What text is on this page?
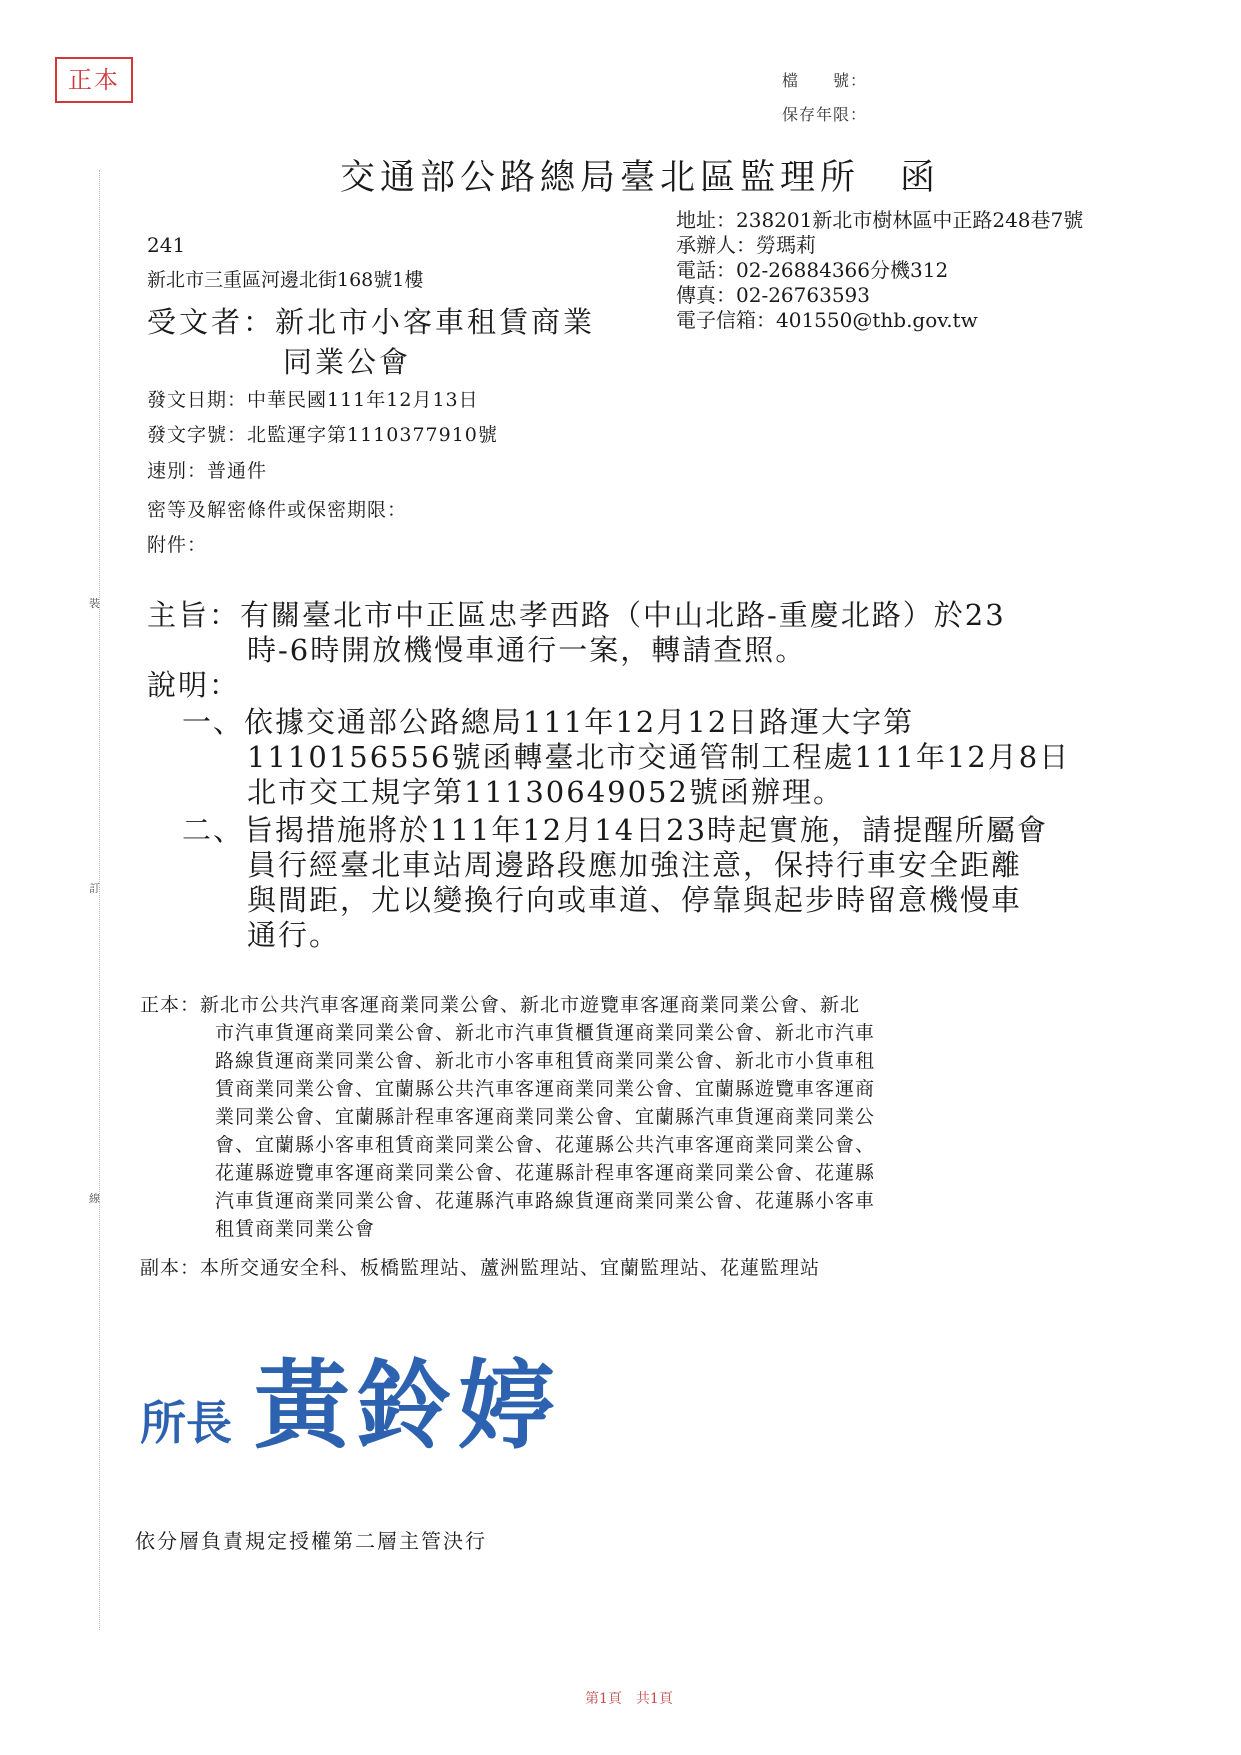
正本	檔　　號：
保存年限：
交通部公路總局臺北區監理所　函
裝
訂
線
地址：238201新北市樹林區中正路248巷7號
承辦人：勞瑪莉
電話：02-26884366分機312
傳真：02-26763593
電子信箱：401550@thb.gov.tw
241
新北市三重區河邊北街168號1樓
受文者：新北市小客車租賃商業
同業公會
發文日期：中華民國111年12月13日
發文字號：北監運字第1110377910號
速別：普通件
密等及解密條件或保密期限：
附件：
主旨：有關臺北市中正區忠孝西路（中山北路-重慶北路）於23
時-6時開放機慢車通行一案，轉請查照。
說明：
一、依據交通部公路總局111年12月12日路運大字第
1110156556號函轉臺北市交通管制工程處111年12月8日
北市交工規字第11130649052號函辦理。
二、旨揭措施將於111年12月14日23時起實施，請提醒所屬會
員行經臺北車站周邊路段應加強注意，保持行車安全距離
與間距，尤以變換行向或車道、停靠與起步時留意機慢車
通行。
正本：新北市公共汽車客運商業同業公會、新北市遊覽車客運商業同業公會、新北
市汽車貨運商業同業公會、新北市汽車貨櫃貨運商業同業公會、新北市汽車
路線貨運商業同業公會、新北市小客車租賃商業同業公會、新北市小貨車租
賃商業同業公會、宜蘭縣公共汽車客運商業同業公會、宜蘭縣遊覽車客運商
業同業公會、宜蘭縣計程車客運商業同業公會、宜蘭縣汽車貨運商業同業公
會、宜蘭縣小客車租賃商業同業公會、花蓮縣公共汽車客運商業同業公會、
花蓮縣遊覽車客運商業同業公會、花蓮縣計程車客運商業同業公會、花蓮縣
汽車貨運商業同業公會、花蓮縣汽車路線貨運商業同業公會、花蓮縣小客車
租賃商業同業公會
副本：本所交通安全科、板橋監理站、蘆洲監理站、宜蘭監理站、花蓮監理站
所長 黃鈴婷
依分層負責規定授權第二層主管決行
第1頁　共1頁
